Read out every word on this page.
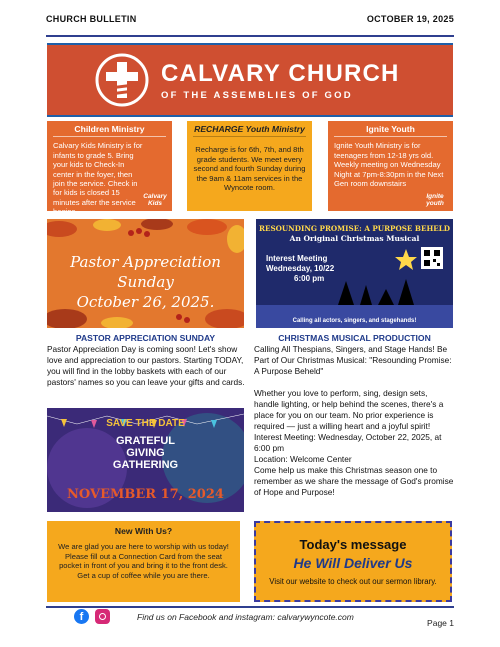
CHURCH BULLETIN	OCTOBER 19, 2025
CALVARY CHURCH
OF THE ASSEMBLIES OF GOD
Children Ministry
Calvary Kids Ministry is for infants to grade 5. Bring your kids to Check-In center in the foyer, then join the service. Check in for kids is closed 15 minutes after the service begins.
Calvary Kids
RECHARGE Youth Ministry
Recharge is for 6th, 7th, and 8th grade students. We meet every second and fourth Sunday during the 9am & 11am services in the Wyncote room.
Ignite Youth
Ignite Youth Ministry is for teenagers from 12-18 yrs old. Weekly meeting on Wednesday Night at 7pm-8:30pm in the Next Gen room downstairs
Ignite youth
Pastor Appreciation Sunday
October 26, 2025.
RESOUNDING PROMISE: A PURPOSE BEHELD
An Original Christmas Musical
Interest Meeting
Wednesday, 10/22
6:00 pm
Calling all actors, singers, and stagehands!
PASTOR APPRECIATION SUNDAY
Pastor Appreciation Day is coming soon! Let's show love and appreciation to our pastors. Starting TODAY, you will find in the lobby baskets with each of our pastors' names so you can leave your gifts and cards.
CHRISTMAS MUSICAL PRODUCTION
Calling All Thespians, Singers, and Stage Hands! Be Part of Our Christmas Musical: "Resounding Promise: A Purpose Beheld"
Whether you love to perform, sing, design sets, handle lighting, or help behind the scenes, there's a place for you on our team. No prior experience is required — just a willing heart and a joyful spirit!
Interest Meeting: Wednesday, October 22, 2025, at 6:00 pm
Location: Welcome Center
Come help us make this Christmas season one to remember as we share the message of God's promise of Hope and Purpose!
SAVE THE DATE
GRATEFUL
GIVING
GATHERING
NOVEMBER 17, 2024
New With Us?
We are glad you are here to worship with us today! Please fill out a Connection Card from the seat pocket in front of you and bring it to the front desk. Get a cup of coffee while you are there.
Today's message
He Will Deliver Us
Visit our website to check out our sermon library.
f	Find us on Facebook and instagram: calvarywyncote.com
Page 1
